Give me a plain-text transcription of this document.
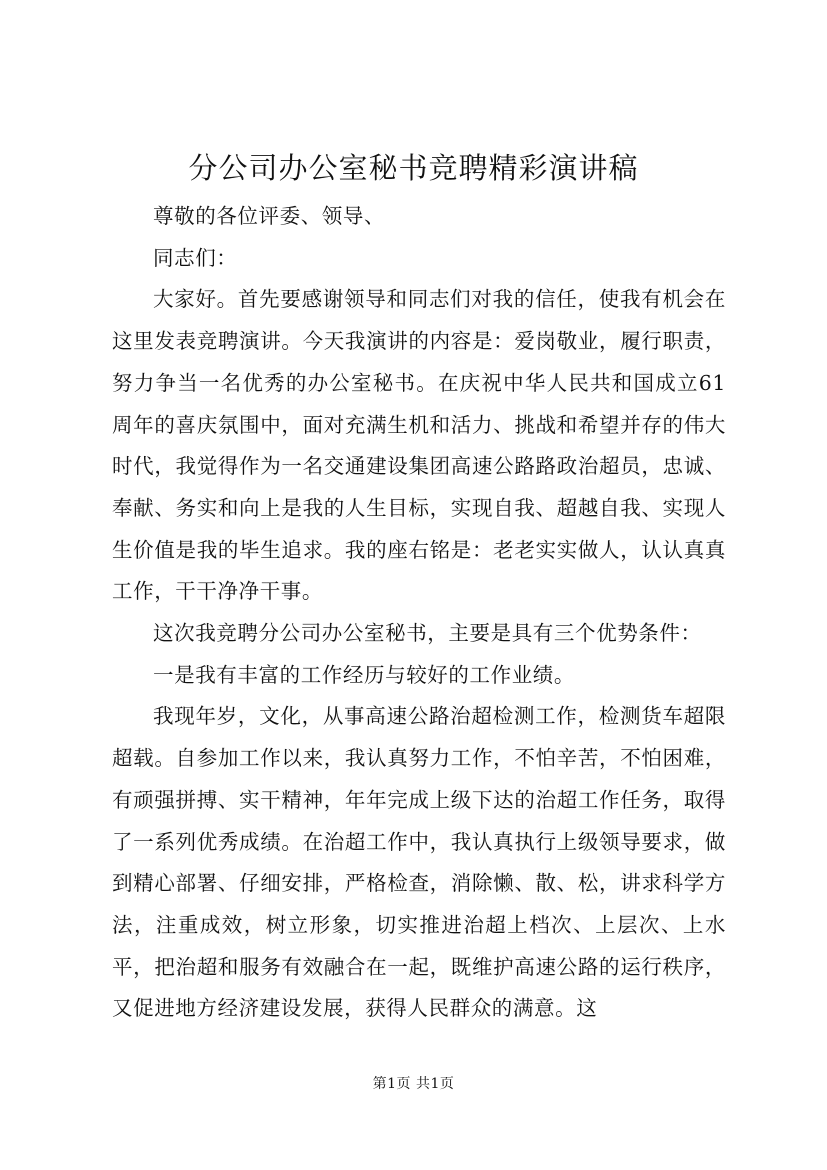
分公司办公室秘书竞聘精彩演讲稿

尊敬的各位评委、领导、

同志们：

大家好。首先要感谢领导和同志们对我的信任，使我有机会在这里发表竞聘演讲。今天我演讲的内容是：爱岗敬业，履行职责，努力争当一名优秀的办公室秘书。在庆祝中华人民共和国成立61周年的喜庆氛围中，面对充满生机和活力、挑战和希望并存的伟大时代，我觉得作为一名交通建设集团高速公路路政治超员，忠诚、奉献、务实和向上是我的人生目标，实现自我、超越自我、实现人生价值是我的毕生追求。我的座右铭是：老老实实做人，认认真真工作，干干净净干事。

这次我竞聘分公司办公室秘书，主要是具有三个优势条件：

一是我有丰富的工作经历与较好的工作业绩。

我现年岁，文化，从事高速公路治超检测工作，检测货车超限超载。自参加工作以来，我认真努力工作，不怕辛苦，不怕困难，有顽强拼搏、实干精神，年年完成上级下达的治超工作任务，取得了一系列优秀成绩。在治超工作中，我认真执行上级领导要求，做到精心部署、仔细安排，严格检查，消除懒、散、松，讲求科学方法，注重成效，树立形象，切实推进治超上档次、上层次、上水平，把治超和服务有效融合在一起，既维护高速公路的运行秩序，又促进地方经济建设发展，获得人民群众的满意。这

第1页 共1页
